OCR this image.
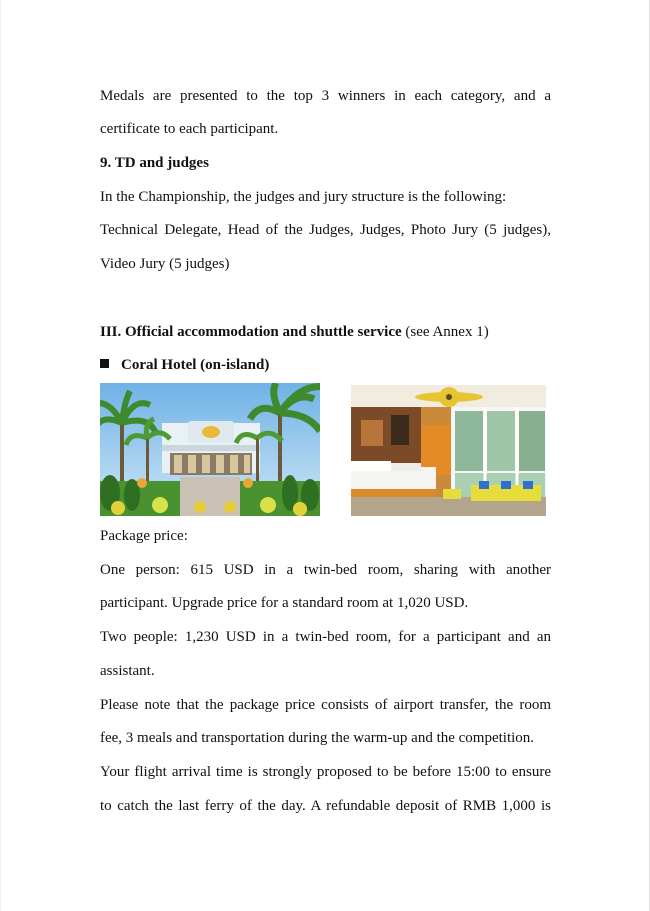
Medals are presented to the top 3 winners in each category, and a
certificate to each participant.
9. TD and judges
In the Championship, the judges and jury structure is the following:
Technical Delegate, Head of the Judges, Judges, Photo Jury (5 judges),
Video Jury (5 judges)
III. Official accommodation and shuttle service (see Annex 1)
Coral Hotel (on-island)
Package price:
One person: 615 USD in a twin-bed room, sharing with another
participant. Upgrade price for a standard room at 1,020 USD.
Two people: 1,230 USD in a twin-bed room, for a participant and an
assistant.
Please note that the package price consists of airport transfer, the room
fee, 3 meals and transportation during the warm-up and the competition.
Your flight arrival time is strongly proposed to be before 15:00 to ensure
to catch the last ferry of the day. A refundable deposit of RMB 1,000 is
